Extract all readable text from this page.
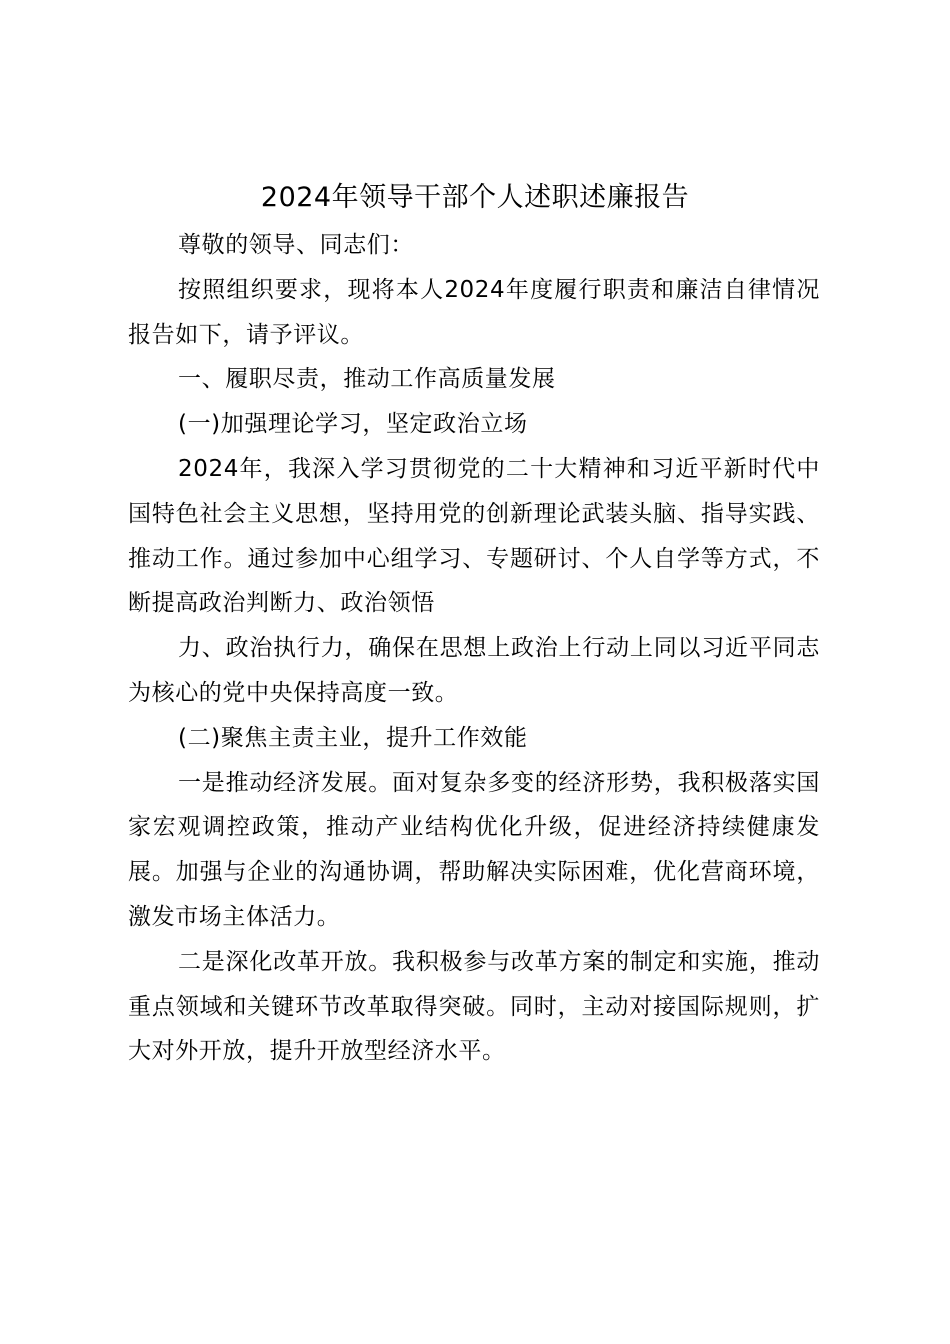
2024年领导干部个人述职述廉报告

尊敬的领导、同志们：

按照组织要求，现将本人2024年度履行职责和廉洁自律情况报告如下，请予评议。

一、履职尽责，推动工作高质量发展

(一)加强理论学习，坚定政治立场

2024年，我深入学习贯彻党的二十大精神和习近平新时代中国特色社会主义思想，坚持用党的创新理论武装头脑、指导实践、推动工作。通过参加中心组学习、专题研讨、个人自学等方式，不断提高政治判断力、政治领悟

力、政治执行力，确保在思想上政治上行动上同以习近平同志为核心的党中央保持高度一致。

(二)聚焦主责主业，提升工作效能

一是推动经济发展。面对复杂多变的经济形势，我积极落实国家宏观调控政策，推动产业结构优化升级，促进经济持续健康发展。加强与企业的沟通协调，帮助解决实际困难，优化营商环境，激发市场主体活力。

二是深化改革开放。我积极参与改革方案的制定和实施，推动重点领域和关键环节改革取得突破。同时，主动对接国际规则，扩大对外开放，提升开放型经济水平。
